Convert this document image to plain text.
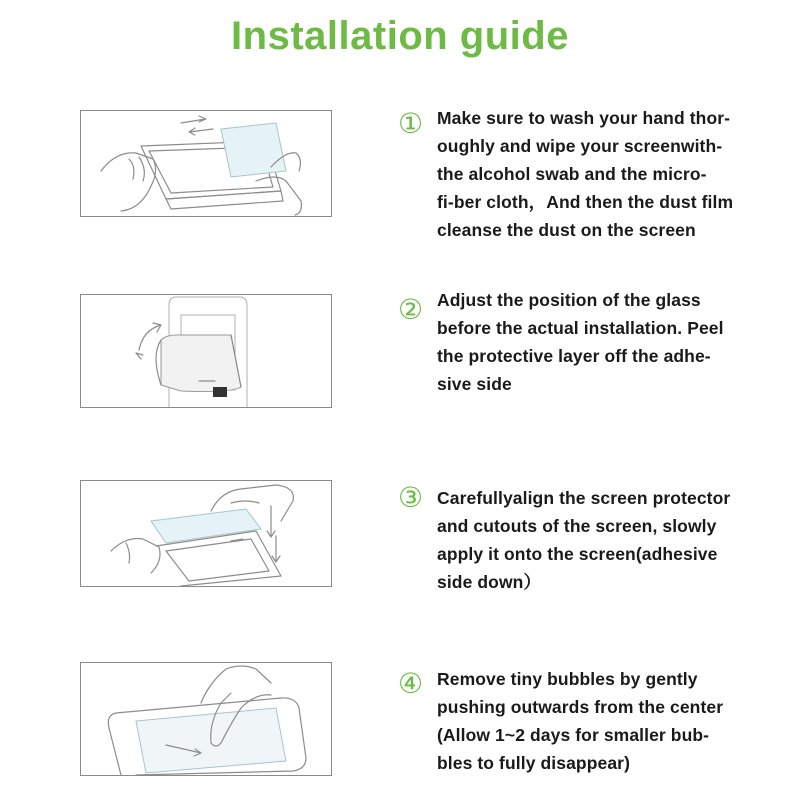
Installation guide
① Make sure to wash your hand thor-
oughly and wipe your screenwith-
the alcohol swab and the micro-
fi-ber cloth，And then the dust film
cleanse the dust on the screen

② Adjust the position of the glass
before the actual installation. Peel
the protective layer off the adhe-
sive side

③ Carefullyalign the screen protector
and cutouts of the screen, slowly
apply it onto the screen(adhesive
side down）

④ Remove tiny bubbles by gently
pushing outwards from the center
(Allow 1~2 days for smaller bub-
bles to fully disappear)
